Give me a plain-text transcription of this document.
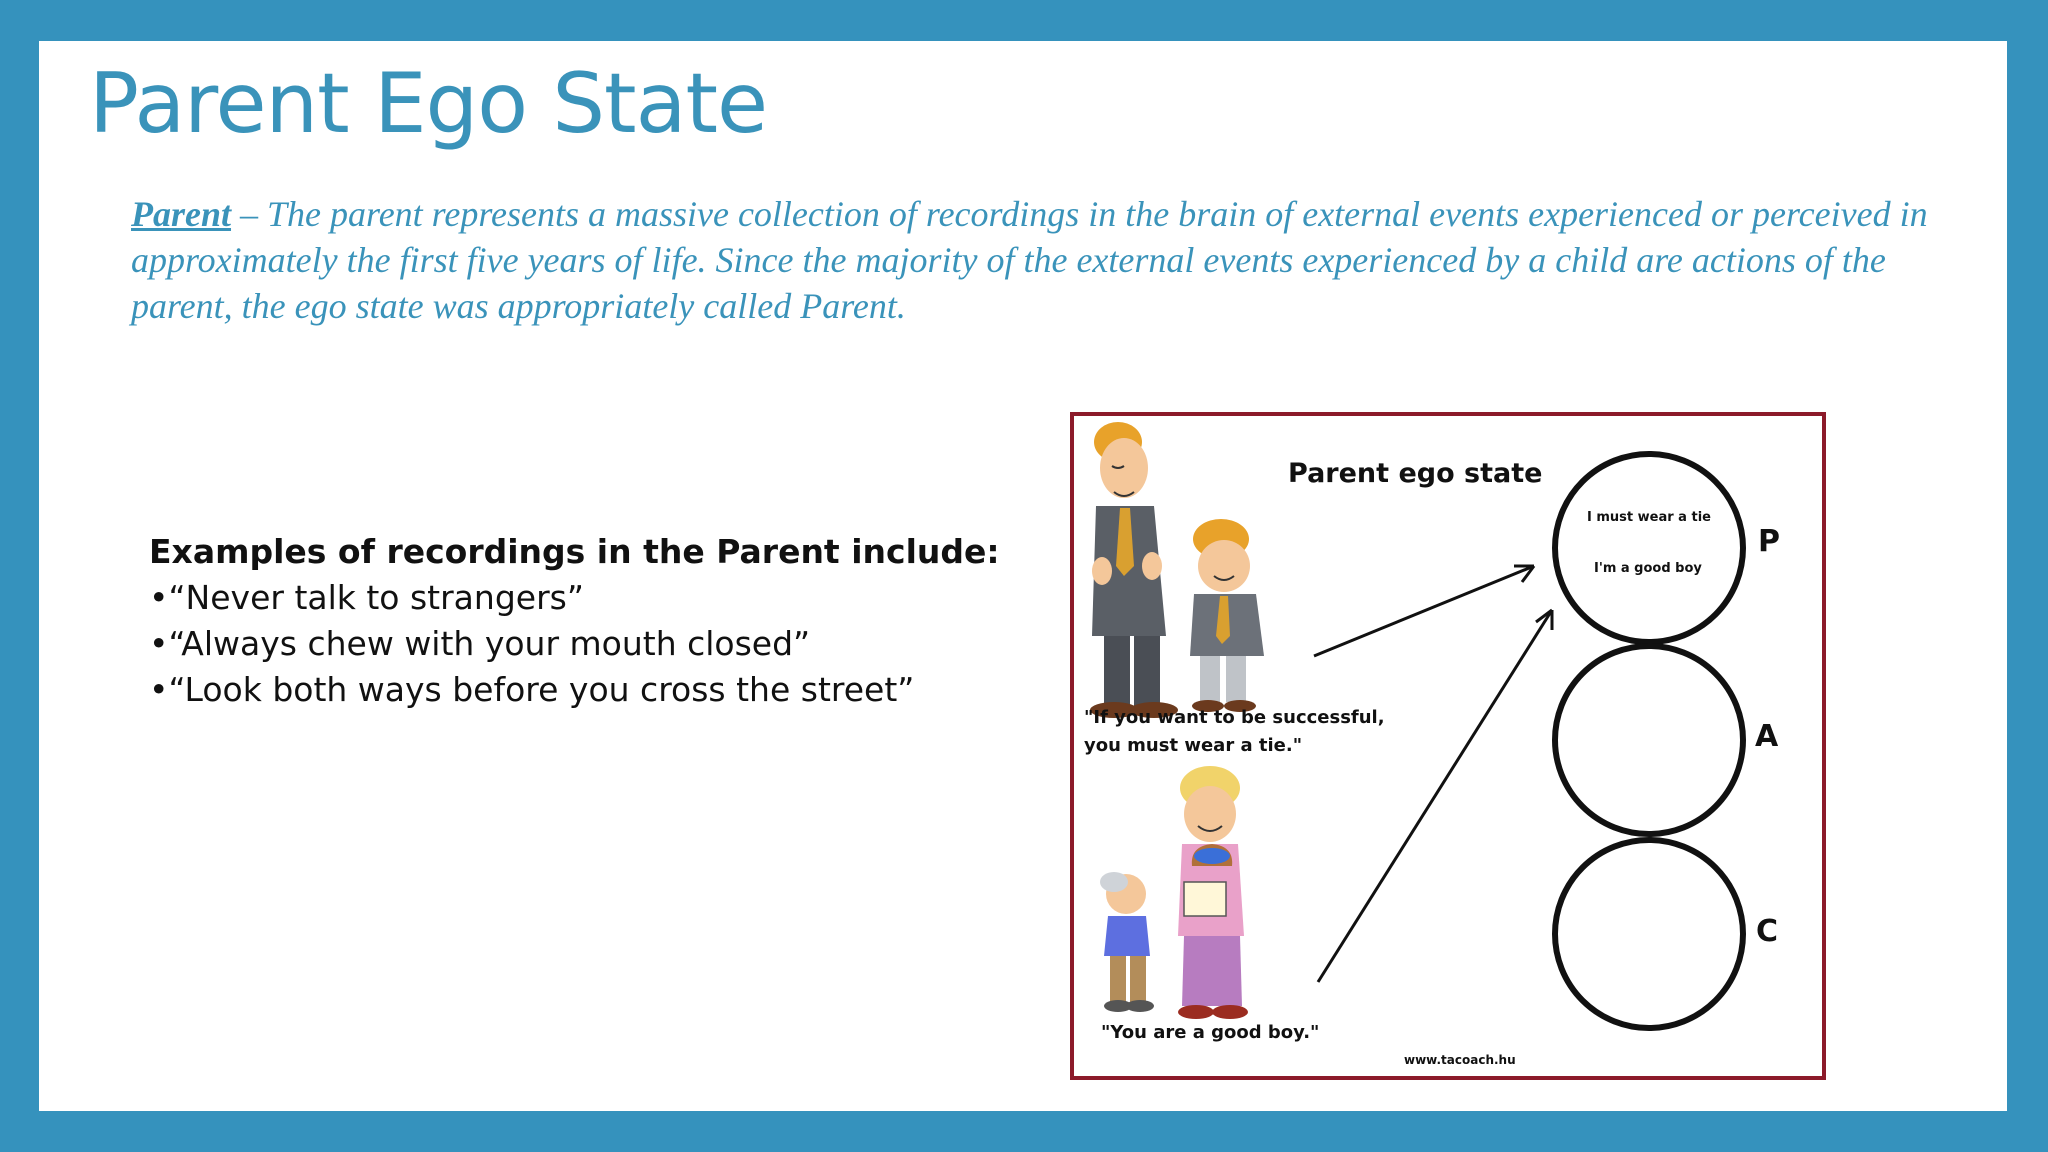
Parent Ego State
Parent – The parent represents a massive collection of recordings in the brain of external events experienced or perceived in approximately the first five years of life. Since the majority of the external events experienced by a child are actions of the parent, the ego state was appropriately called Parent.
Examples of recordings in the Parent include:
•“Never talk to strangers”
•“Always chew with your mouth closed”
•“Look both ways before you cross the street”
Parent ego state
I must wear a tie
I'm a good boy
P
A
C
"If you want to be successful,
you must wear a tie."
"You are a good boy."
www.tacoach.hu
